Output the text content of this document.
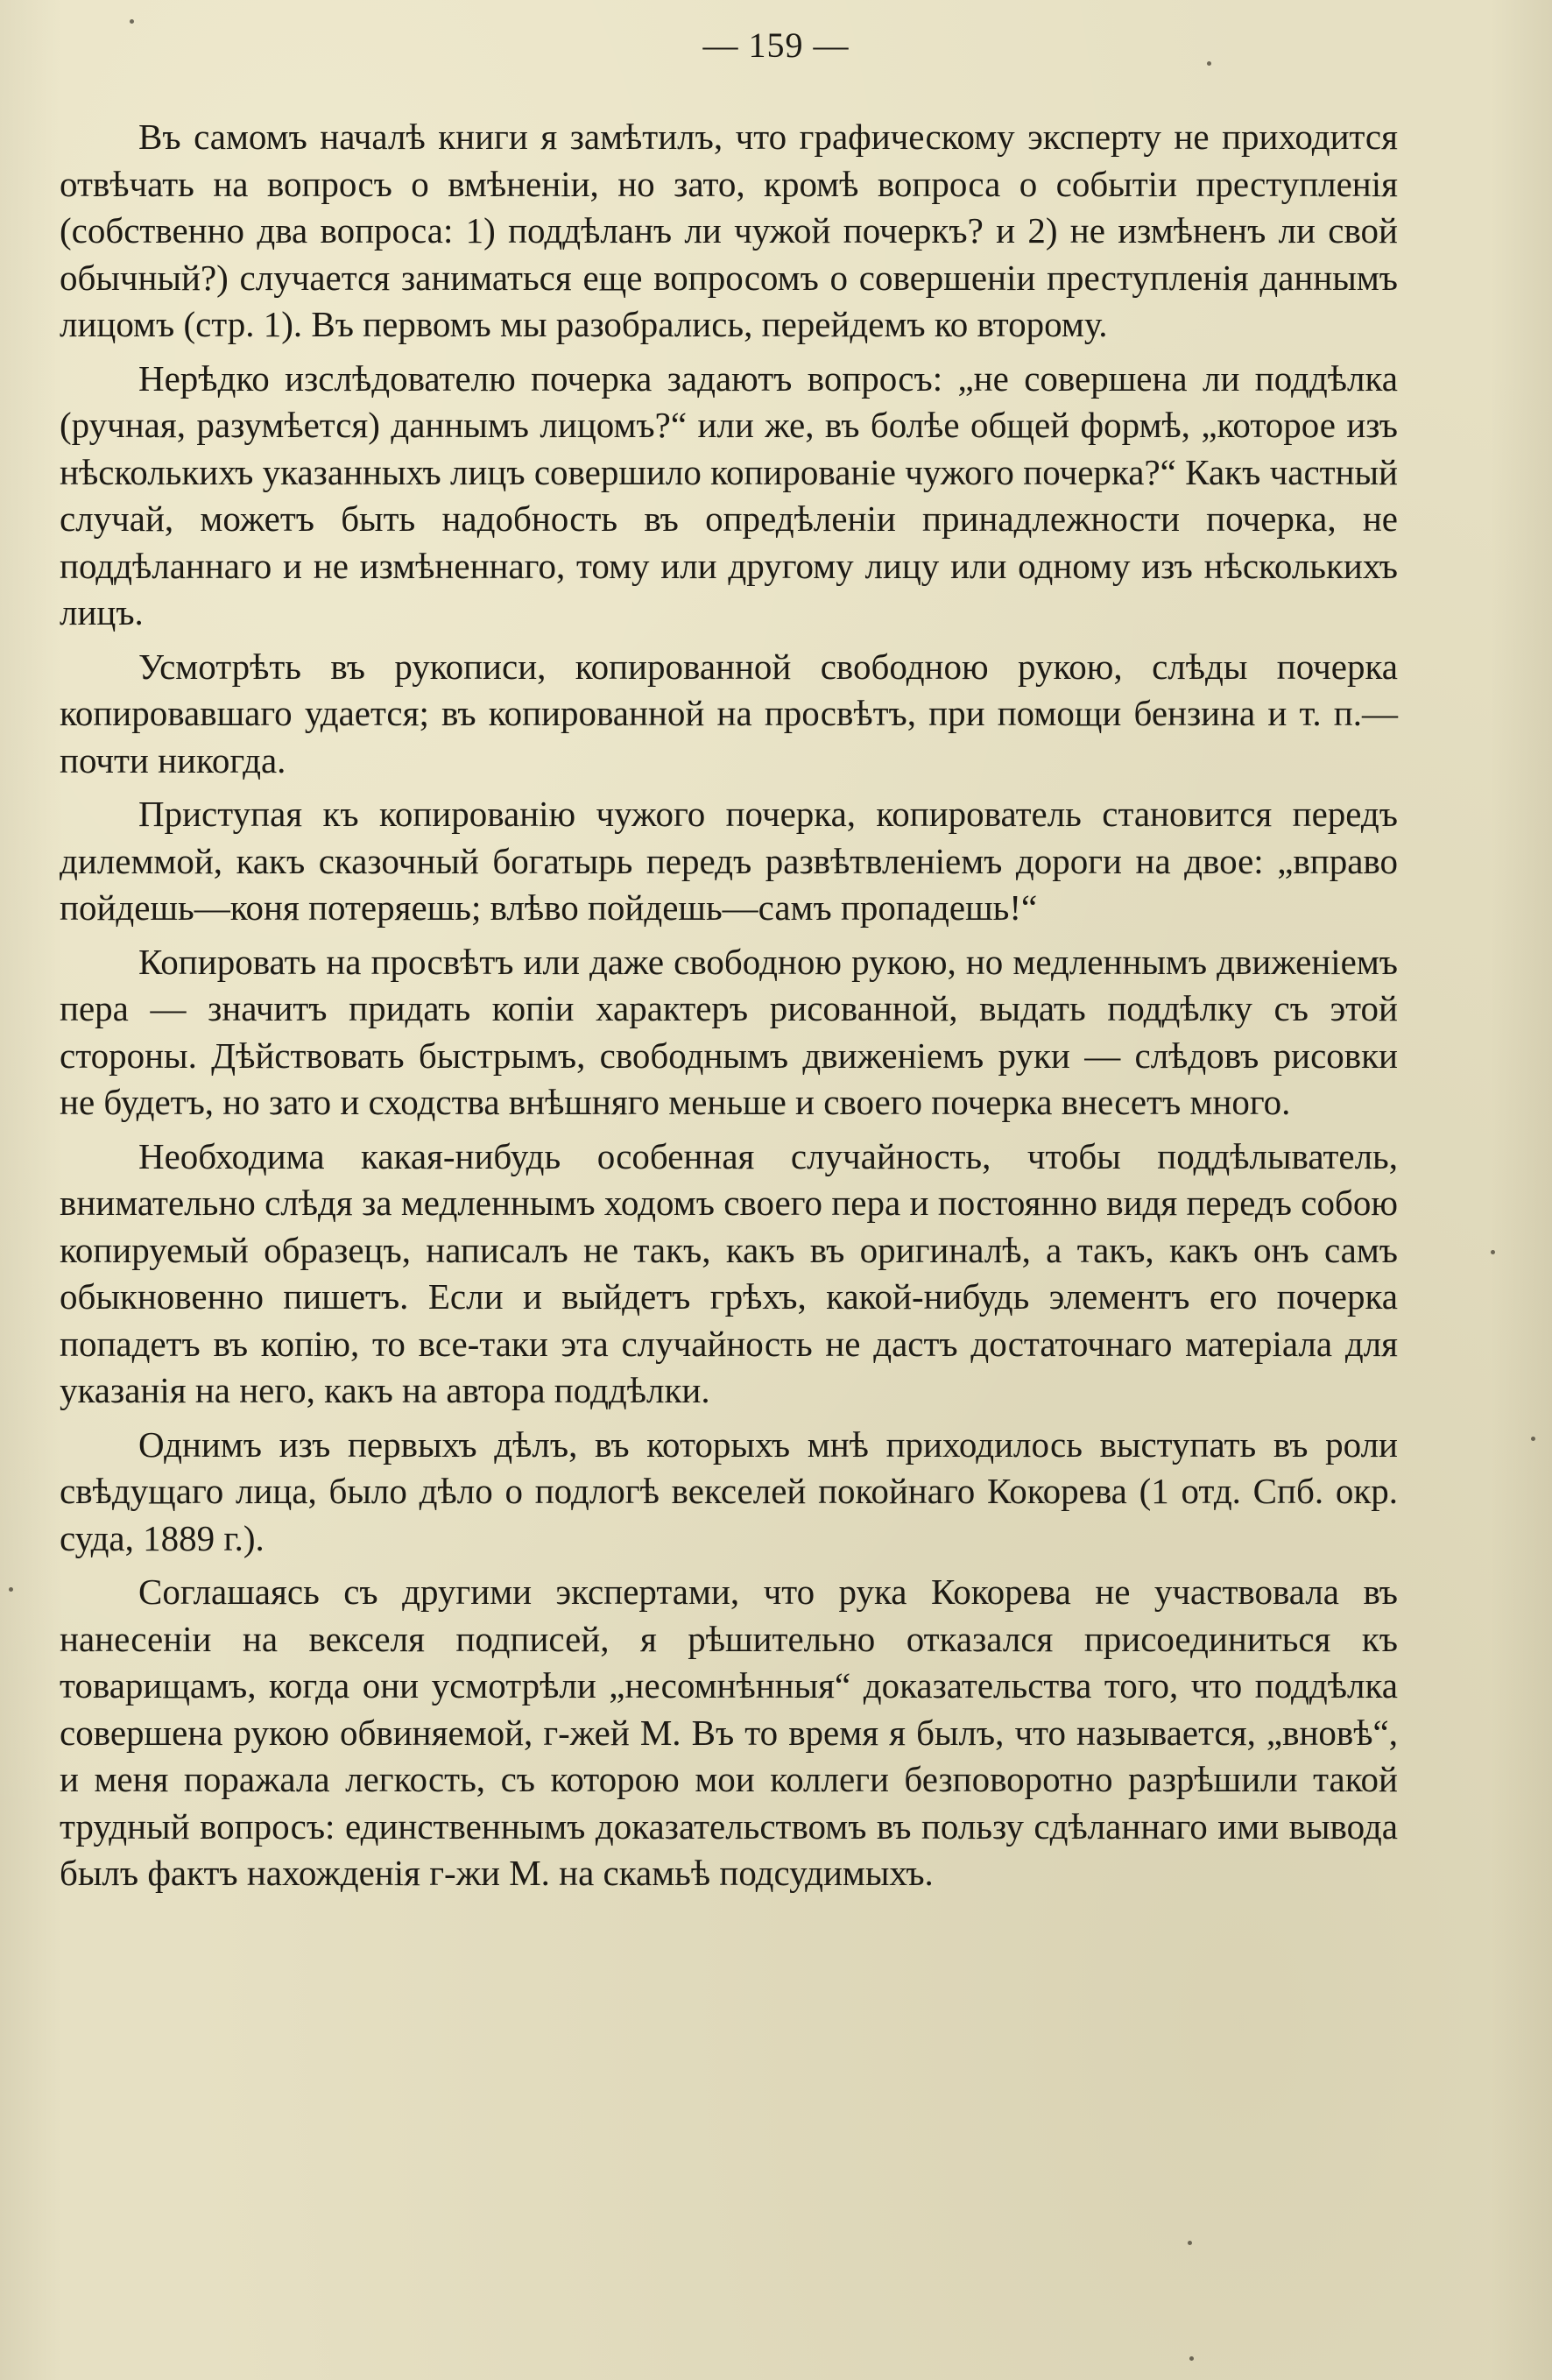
— 159 —

Въ самомъ началѣ книги я замѣтилъ, что графическому эксперту не приходится отвѣчать на вопросъ о вмѣненіи, но зато, кромѣ вопроса о событіи преступленія (собственно два вопроса: 1) поддѣланъ ли чужой почеркъ? и 2) не измѣненъ ли свой обычный?) случается заниматься еще вопросомъ о совершеніи преступленія даннымъ лицомъ (стр. 1). Въ первомъ мы разобрались, перейдемъ ко второму.

Нерѣдко изслѣдователю почерка задаютъ вопросъ: „не совершена ли поддѣлка (ручная, разумѣется) даннымъ лицомъ?“ или же, въ болѣе общей формѣ, „которое изъ нѣсколькихъ указанныхъ лицъ совершило копированіе чужого почерка?“ Какъ частный случай, можетъ быть надобность въ опредѣленіи принадлежности почерка, не поддѣланнаго и не измѣненнаго, тому или другому лицу или одному изъ нѣсколькихъ лицъ.

Усмотрѣть въ рукописи, копированной свободною рукою, слѣды почерка копировавшаго удается; въ копированной на просвѣтъ, при помощи бензина и т. п.—почти никогда.

Приступая къ копированію чужого почерка, копирователь становится передъ дилеммой, какъ сказочный богатырь передъ развѣтвленіемъ дороги на двое: „вправо пойдешь—коня потеряешь; влѣво пойдешь—самъ пропадешь!“

Копировать на просвѣтъ или даже свободною рукою, но медленнымъ движеніемъ пера — значитъ придать копіи характеръ рисованной, выдать поддѣлку съ этой стороны. Дѣйствовать быстрымъ, свободнымъ движеніемъ руки — слѣдовъ рисовки не будетъ, но зато и сходства внѣшняго меньше и своего почерка внесетъ много.

Необходима какая-нибудь особенная случайность, чтобы поддѣлыватель, внимательно слѣдя за медленнымъ ходомъ своего пера и постоянно видя передъ собою копируемый образецъ, написалъ не такъ, какъ въ оригиналѣ, а такъ, какъ онъ самъ обыкновенно пишетъ. Если и выйдетъ грѣхъ, какой-нибудь элементъ его почерка попадетъ въ копію, то все-таки эта случайность не дастъ достаточнаго матеріала для указанія на него, какъ на автора поддѣлки.

Однимъ изъ первыхъ дѣлъ, въ которыхъ мнѣ приходилось выступать въ роли свѣдущаго лица, было дѣло о подлогѣ векселей покойнаго Кокорева (1 отд. Спб. окр. суда, 1889 г.).

Соглашаясь съ другими экспертами, что рука Кокорева не участвовала въ нанесеніи на векселя подписей, я рѣшительно отказался присоединиться къ товарищамъ, когда они усмотрѣли „несомнѣнныя“ доказательства того, что поддѣлка совершена рукою обвиняемой, г-жей М. Въ то время я былъ, что называется, „вновѣ“, и меня поражала легкость, съ которою мои коллеги безповоротно разрѣшили такой трудный вопросъ: единственнымъ доказательствомъ въ пользу сдѣланнаго ими вывода былъ фактъ нахожденія г-жи М. на скамьѣ подсудимыхъ.
